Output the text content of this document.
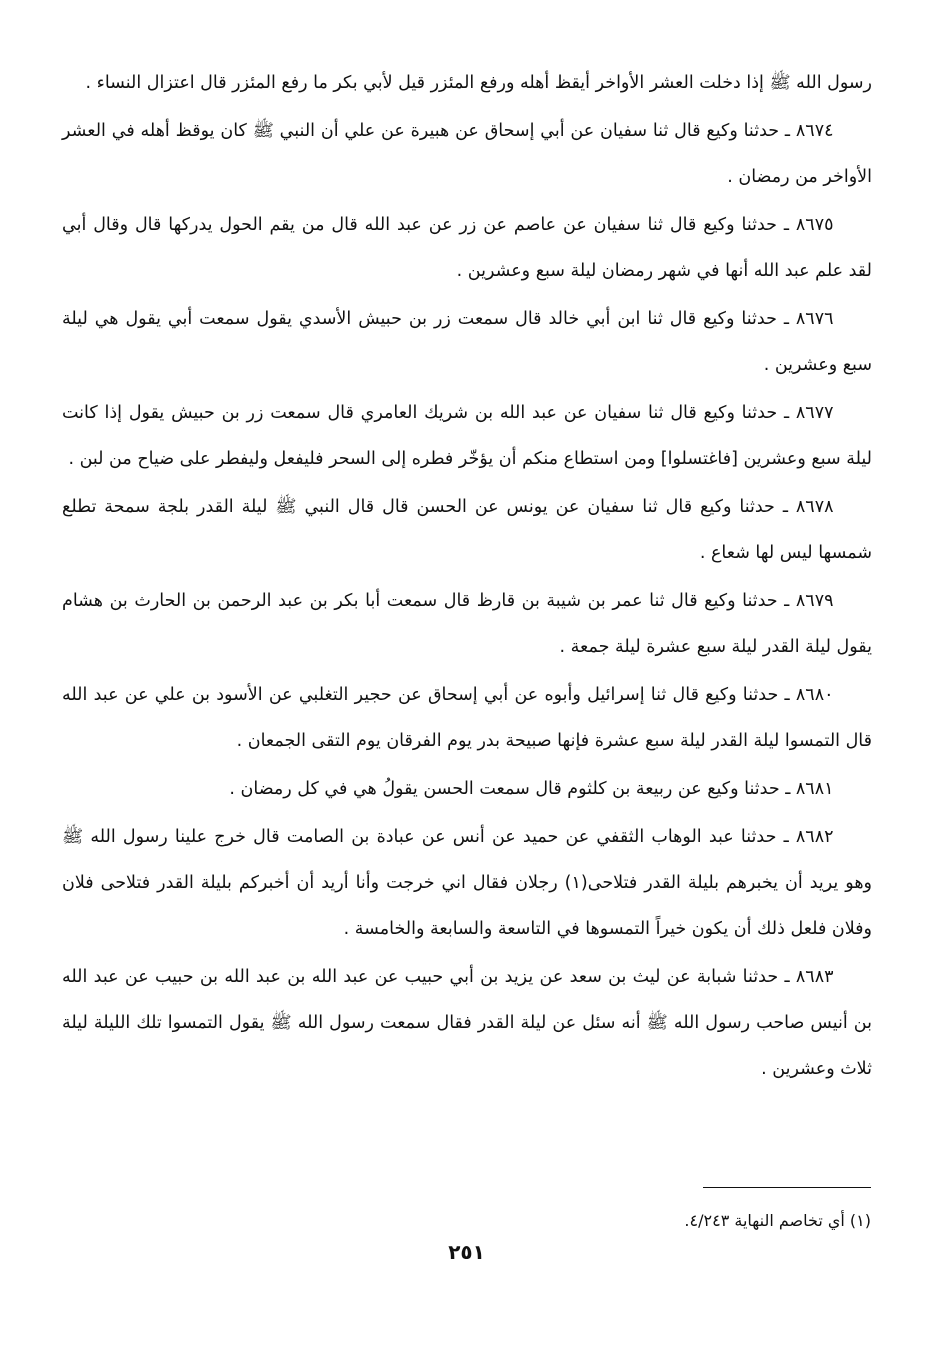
رسول الله ﷺ إذا دخلت العشر الأواخر أيقظ أهله ورفع المئزر قيل لأبي بكر ما رفع المئزر قال اعتزال النساء .

٨٦٧٤ ـ حدثنا وكيع قال ثنا سفيان عن أبي إسحاق عن هبيرة عن علي أن النبي ﷺ كان يوقظ أهله في العشر الأواخر من رمضان .

٨٦٧٥ ـ حدثنا وكيع قال ثنا سفيان عن عاصم عن زر عن عبد الله قال من يقم الحول يدركها قال وقال أبي لقد علم عبد الله أنها في شهر رمضان ليلة سبع وعشرين .

٨٦٧٦ ـ حدثنا وكيع قال ثنا ابن أبي خالد قال سمعت زر بن حبيش الأسدي يقول سمعت أبي يقول هي ليلة سبع وعشرين .

٨٦٧٧ ـ حدثنا وكيع قال ثنا سفيان عن عبد الله بن شريك العامري قال سمعت زر بن حبيش يقول إذا كانت ليلة سبع وعشرين [فاغتسلوا] ومن استطاع منكم أن يؤخّر فطره إلى السحر فليفعل وليفطر على ضياح من لبن .

٨٦٧٨ ـ حدثنا وكيع قال ثنا سفيان عن يونس عن الحسن قال قال النبي ﷺ ليلة القدر بلجة سمحة تطلع شمسها ليس لها شعاع .

٨٦٧٩ ـ حدثنا وكيع قال ثنا عمر بن شيبة بن قارظ قال سمعت أبا بكر بن عبد الرحمن بن الحارث بن هشام يقول ليلة القدر ليلة سبع عشرة ليلة جمعة .

٨٦٨٠ ـ حدثنا وكيع قال ثنا إسرائيل وأبوه عن أبي إسحاق عن حجير التغلبي عن الأسود بن علي عن عبد الله قال التمسوا ليلة القدر ليلة سبع عشرة فإنها صبيحة بدر يوم الفرقان يوم التقى الجمعان .

٨٦٨١ ـ حدثنا وكيع عن ربيعة بن كلثوم قال سمعت الحسن يقولُ هي في كل رمضان .

٨٦٨٢ ـ حدثنا عبد الوهاب الثقفي عن حميد عن أنس عن عبادة بن الصامت قال خرج علينا رسول الله ﷺ وهو يريد أن يخبرهم بليلة القدر فتلاحى(١) رجلان فقال اني خرجت وأنا أريد أن أخبركم بليلة القدر فتلاحى فلان وفلان فلعل ذلك أن يكون خيراً التمسوها في التاسعة والسابعة والخامسة .

٨٦٨٣ ـ حدثنا شبابة عن ليث بن سعد عن يزيد بن أبي حبيب عن عبد الله بن عبد الله بن حبيب عن عبد الله بن أنيس صاحب رسول الله ﷺ أنه سئل عن ليلة القدر فقال سمعت رسول الله ﷺ يقول التمسوا تلك الليلة ليلة ثلاث وعشرين .

(١) أي تخاصم النهاية ٤/٢٤٣.
٢٥١
